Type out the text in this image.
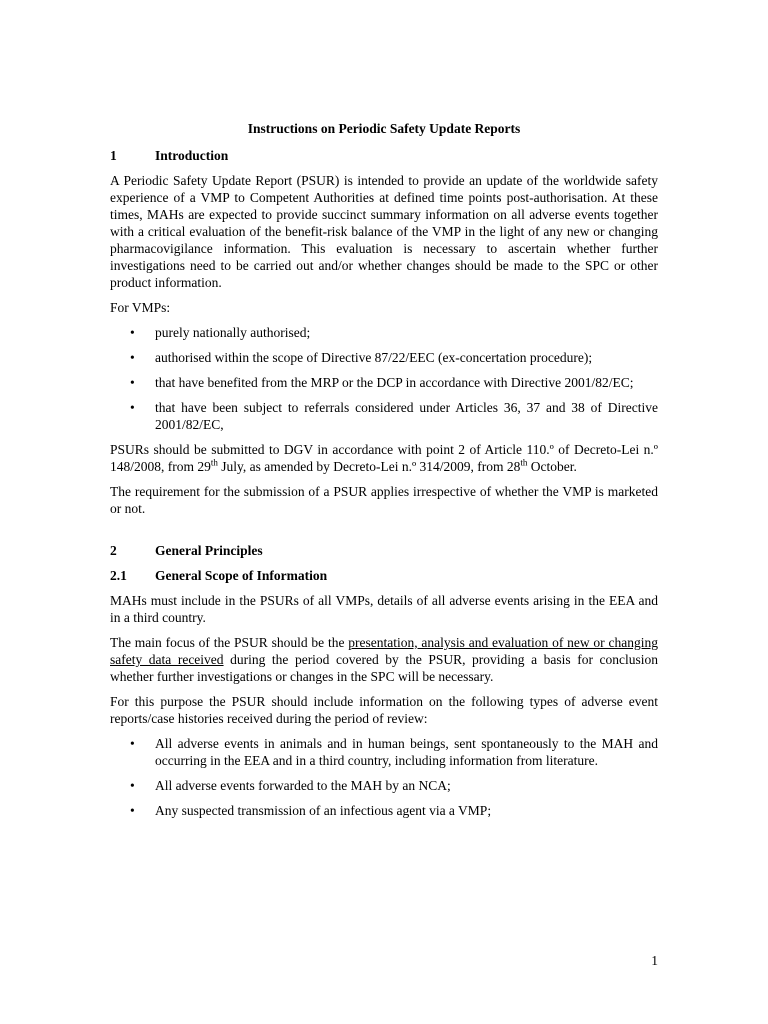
Instructions on Periodic Safety Update Reports
1	Introduction

A Periodic Safety Update Report (PSUR) is intended to provide an update of the worldwide safety experience of a VMP to Competent Authorities at defined time points post-authorisation. At these times, MAHs are expected to provide succinct summary information on all adverse events together with a critical evaluation of the benefit-risk balance of the VMP in the light of any new or changing pharmacovigilance information. This evaluation is necessary to ascertain whether further investigations need to be carried out and/or whether changes should be made to the SPC or other product information.

For VMPs:

• purely nationally authorised;
• authorised within the scope of Directive 87/22/EEC (ex-concertation procedure);
• that have benefited from the MRP or the DCP in accordance with Directive 2001/82/EC;
• that have been subject to referrals considered under Articles 36, 37 and 38 of Directive 2001/82/EC,

PSURs should be submitted to DGV in accordance with point 2 of Article 110.º of Decreto-Lei n.º 148/2008, from 29th July, as amended by Decreto-Lei n.º 314/2009, from 28th October.

The requirement for the submission of a PSUR applies irrespective of whether the VMP is marketed or not.

2	General Principles
2.1	General Scope of Information

MAHs must include in the PSURs of all VMPs, details of all adverse events arising in the EEA and in a third country.

The main focus of the PSUR should be the presentation, analysis and evaluation of new or changing safety data received during the period covered by the PSUR, providing a basis for conclusion whether further investigations or changes in the SPC will be necessary.

For this purpose the PSUR should include information on the following types of adverse event reports/case histories received during the period of review:

• All adverse events in animals and in human beings, sent spontaneously to the MAH and occurring in the EEA and in a third country, including information from literature.
• All adverse events forwarded to the MAH by an NCA;
• Any suspected transmission of an infectious agent via a VMP;
1
